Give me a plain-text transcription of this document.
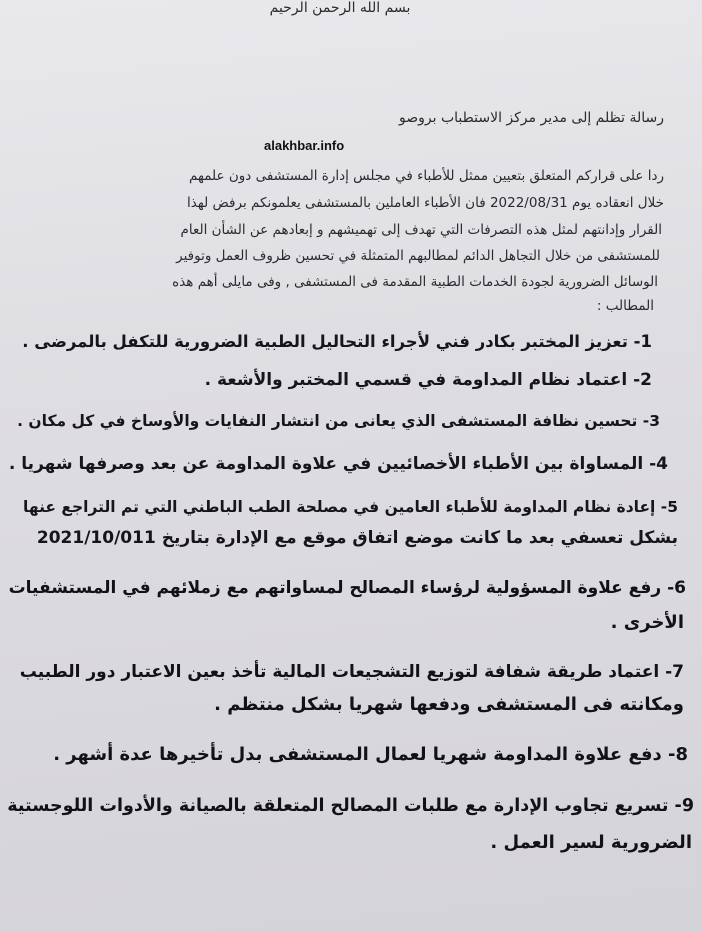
بسم الله الرحمن الرحيم

رسالة تظلم إلى مدير مركز الاستطباب بروصو

alakhbar.info

ردا على قراركم المتعلق بتعيين ممثل للأطباء في مجلس إدارة المستشفى دون علمهم

خلال انعقاده يوم 2022/08/31 فان الأطباء العاملين بالمستشفى يعلمونكم برفض لهذا

القرار وإدانتهم لمثل هذه التصرفات التي تهدف إلى تهميشهم و إبعادهم عن الشأن العام

للمستشفى من خلال التجاهل الدائم لمطالبهم المتمثلة في تحسين ظروف العمل وتوفير

الوسائل الضرورية لجودة الخدمات الطبية المقدمة فى المستشفى , وفى مايلى أهم هذه

المطالب :

1- تعزيز المختبر بكادر فني لأجراء التحاليل الطبية الضرورية للتكفل بالمرضى .

2- اعتماد نظام المداومة في قسمي المختبر والأشعة .

3- تحسين نظافة المستشفى الذي يعانى من انتشار النفايات والأوساخ في كل مكان .

4- المساواة بين الأطباء الأخصائيين في علاوة المداومة عن بعد وصرفها شهريا .

5- إعادة نظام المداومة للأطباء العامين في مصلحة الطب الباطني التي تم التراجع عنها

بشكل تعسفي بعد ما كانت موضع اتفاق موقع مع الإدارة بتاريخ 2021/10/011

6- رفع علاوة المسؤولية لرؤساء المصالح لمساواتهم مع زملائهم في المستشفيات

الأخرى .

7- اعتماد طريقة شفافة لتوزيع التشجيعات المالية تأخذ بعين الاعتبار دور الطبيب

ومكانته فى المستشفى ودفعها شهريا بشكل منتظم .

8- دفع علاوة المداومة شهريا لعمال المستشفى بدل تأخيرها عدة أشهر .

9- تسريع تجاوب الإدارة مع طلبات المصالح المتعلقة بالصيانة والأدوات اللوجستية

الضرورية لسير العمل .
